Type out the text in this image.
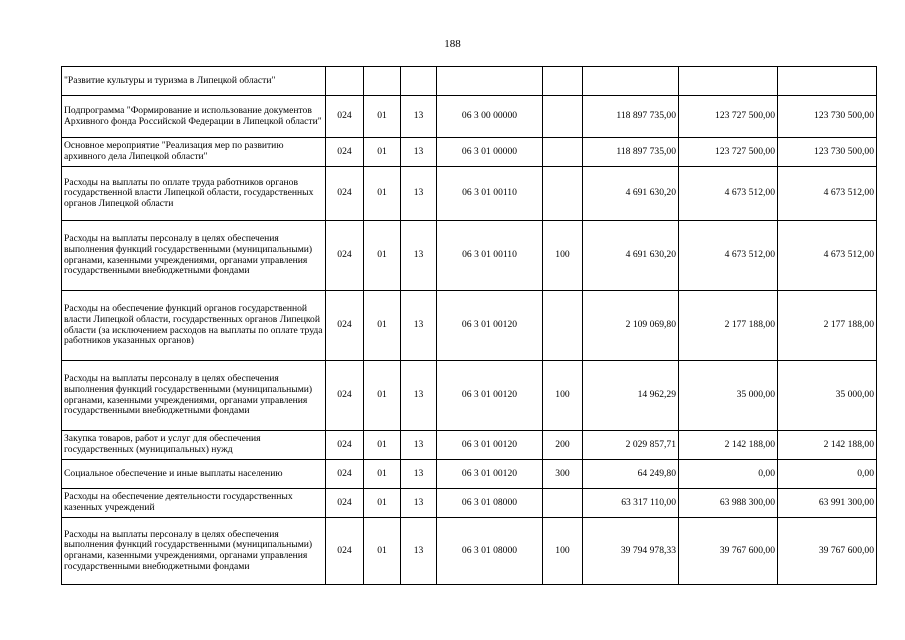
188
"Развитие культуры и туризма в Липецкой области"								
Подпрограмма "Формирование и использование документов Архивного фонда Российской Федерации в Липецкой области"	024	01	13	06 3 00 00000		118 897 735,00	123 727 500,00	123 730 500,00
Основное мероприятие "Реализация мер по развитию архивного дела Липецкой области"	024	01	13	06 3 01 00000		118 897 735,00	123 727 500,00	123 730 500,00
Расходы на выплаты по оплате труда работников органов государственной власти Липецкой области, государственных органов Липецкой области	024	01	13	06 3 01 00110		4 691 630,20	4 673 512,00	4 673 512,00
Расходы на выплаты персоналу в целях обеспечения выполнения функций государственными (муниципальными) органами, казенными учреждениями, органами управления государственными внебюджетными фондами	024	01	13	06 3 01 00110	100	4 691 630,20	4 673 512,00	4 673 512,00
Расходы на обеспечение функций органов государственной власти Липецкой области, государственных органов Липецкой области (за исключением расходов на выплаты по оплате труда работников указанных органов)	024	01	13	06 3 01 00120		2 109 069,80	2 177 188,00	2 177 188,00
Расходы на выплаты персоналу в целях обеспечения выполнения функций государственными (муниципальными) органами, казенными учреждениями, органами управления государственными внебюджетными фондами	024	01	13	06 3 01 00120	100	14 962,29	35 000,00	35 000,00
Закупка товаров, работ и услуг для обеспечения государственных (муниципальных) нужд	024	01	13	06 3 01 00120	200	2 029 857,71	2 142 188,00	2 142 188,00
Социальное обеспечение и иные выплаты населению	024	01	13	06 3 01 00120	300	64 249,80	0,00	0,00
Расходы на обеспечение деятельности государственных казенных учреждений	024	01	13	06 3 01 08000		63 317 110,00	63 988 300,00	63 991 300,00
Расходы на выплаты персоналу в целях обеспечения выполнения функций государственными (муниципальными) органами, казенными учреждениями, органами управления государственными внебюджетными фондами	024	01	13	06 3 01 08000	100	39 794 978,33	39 767 600,00	39 767 600,00
